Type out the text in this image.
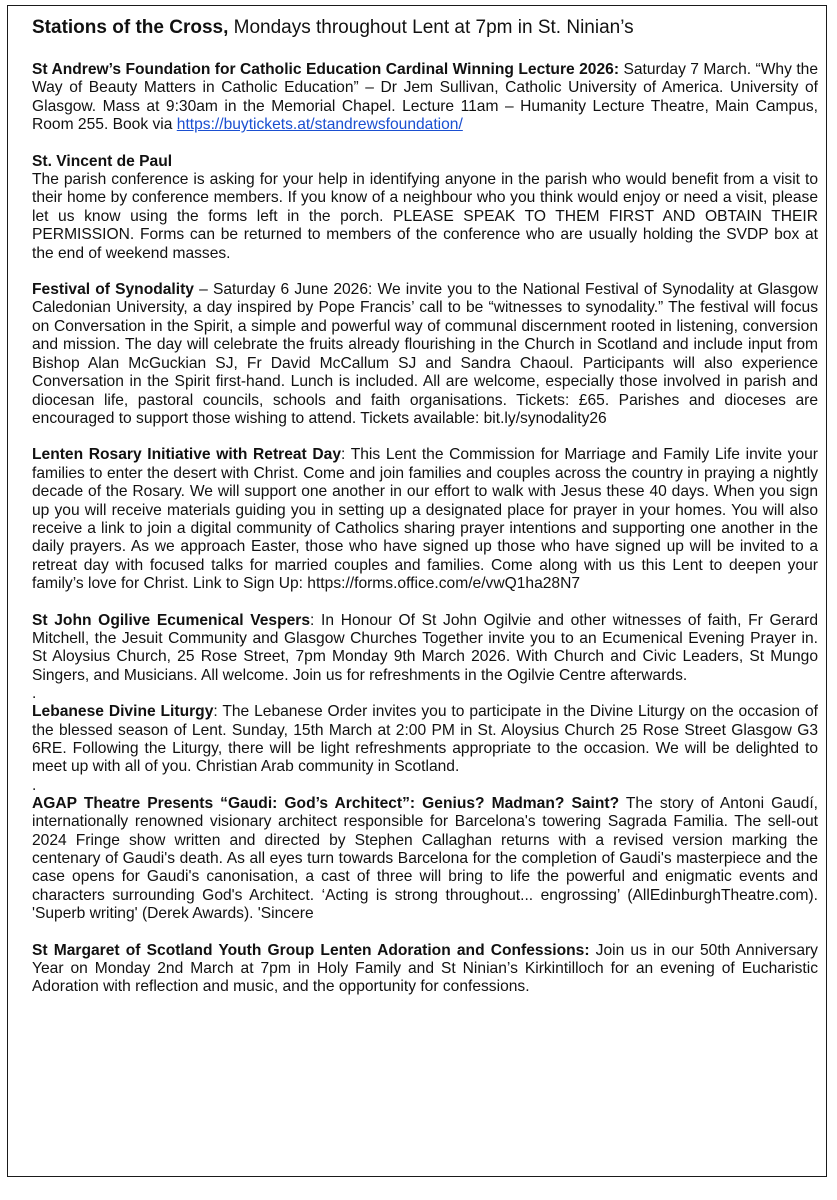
Stations of the Cross, Mondays throughout Lent at 7pm in St. Ninian’s

St Andrew’s Foundation for Catholic Education Cardinal Winning Lecture 2026: Saturday 7 March. “Why the Way of Beauty Matters in Catholic Education” – Dr Jem Sullivan, Catholic University of America. University of Glasgow. Mass at 9:30am in the Memorial Chapel. Lecture 11am – Humanity Lecture Theatre, Main Campus, Room 255. Book via https://buytickets.at/standrewsfoundation/

St. Vincent de Paul
The parish conference is asking for your help in identifying anyone in the parish who would benefit from a visit to their home by conference members. If you know of a neighbour who you think would enjoy or need a visit, please let us know using the forms left in the porch. PLEASE SPEAK TO THEM FIRST AND OBTAIN THEIR PERMISSION. Forms can be returned to members of the conference who are usually holding the SVDP box at the end of weekend masses.

Festival of Synodality – Saturday 6 June 2026: We invite you to the National Festival of Synodality at Glasgow Caledonian University, a day inspired by Pope Francis’ call to be “witnesses to synodality.” The festival will focus on Conversation in the Spirit, a simple and powerful way of communal discernment rooted in listening, conversion and mission. The day will celebrate the fruits already flourishing in the Church in Scotland and include input from Bishop Alan McGuckian SJ, Fr David McCallum SJ and Sandra Chaoul. Participants will also experience Conversation in the Spirit first-hand. Lunch is included. All are welcome, especially those involved in parish and diocesan life, pastoral councils, schools and faith organisations. Tickets: £65. Parishes and dioceses are encouraged to support those wishing to attend. Tickets available: bit.ly/synodality26

Lenten Rosary Initiative with Retreat Day: This Lent the Commission for Marriage and Family Life invite your families to enter the desert with Christ. Come and join families and couples across the country in praying a nightly decade of the Rosary. We will support one another in our effort to walk with Jesus these 40 days. When you sign up you will receive materials guiding you in setting up a designated place for prayer in your homes. You will also receive a link to join a digital community of Catholics sharing prayer intentions and supporting one another in the daily prayers. As we approach Easter, those who have signed up those who have signed up will be invited to a retreat day with focused talks for married couples and families. Come along with us this Lent to deepen your family’s love for Christ. Link to Sign Up: https://forms.office.com/e/vwQ1ha28N7

St John Ogilive Ecumenical Vespers: In Honour Of St John Ogilvie and other witnesses of faith, Fr Gerard Mitchell, the Jesuit Community and Glasgow Churches Together invite you to an Ecumenical Evening Prayer in. St Aloysius Church, 25 Rose Street, 7pm Monday 9th March 2026. With Church and Civic Leaders, St Mungo Singers, and Musicians. All welcome. Join us for refreshments in the Ogilvie Centre afterwards.

.

Lebanese Divine Liturgy: The Lebanese Order invites you to participate in the Divine Liturgy on the occasion of the blessed season of Lent. Sunday, 15th March at 2:00 PM in St. Aloysius Church 25 Rose Street Glasgow G3 6RE. Following the Liturgy, there will be light refreshments appropriate to the occasion. We will be delighted to meet up with all of you. Christian Arab community in Scotland.

.

AGAP Theatre Presents “Gaudi: God’s Architect”: Genius? Madman? Saint? The story of Antoni Gaudí, internationally renowned visionary architect responsible for Barcelona's towering Sagrada Familia. The sell-out 2024 Fringe show written and directed by Stephen Callaghan returns with a revised version marking the centenary of Gaudi's death. As all eyes turn towards Barcelona for the completion of Gaudi's masterpiece and the case opens for Gaudi's canonisation, a cast of three will bring to life the powerful and enigmatic events and characters surrounding God's Architect. ‘Acting is strong throughout... engrossing’ (AllEdinburghTheatre.com). 'Superb writing' (Derek Awards). 'Sincere

St Margaret of Scotland Youth Group Lenten Adoration and Confessions: Join us in our 50th Anniversary Year on Monday 2nd March at 7pm in Holy Family and St Ninian’s Kirkintilloch for an evening of Eucharistic Adoration with reflection and music, and the opportunity for confessions.
